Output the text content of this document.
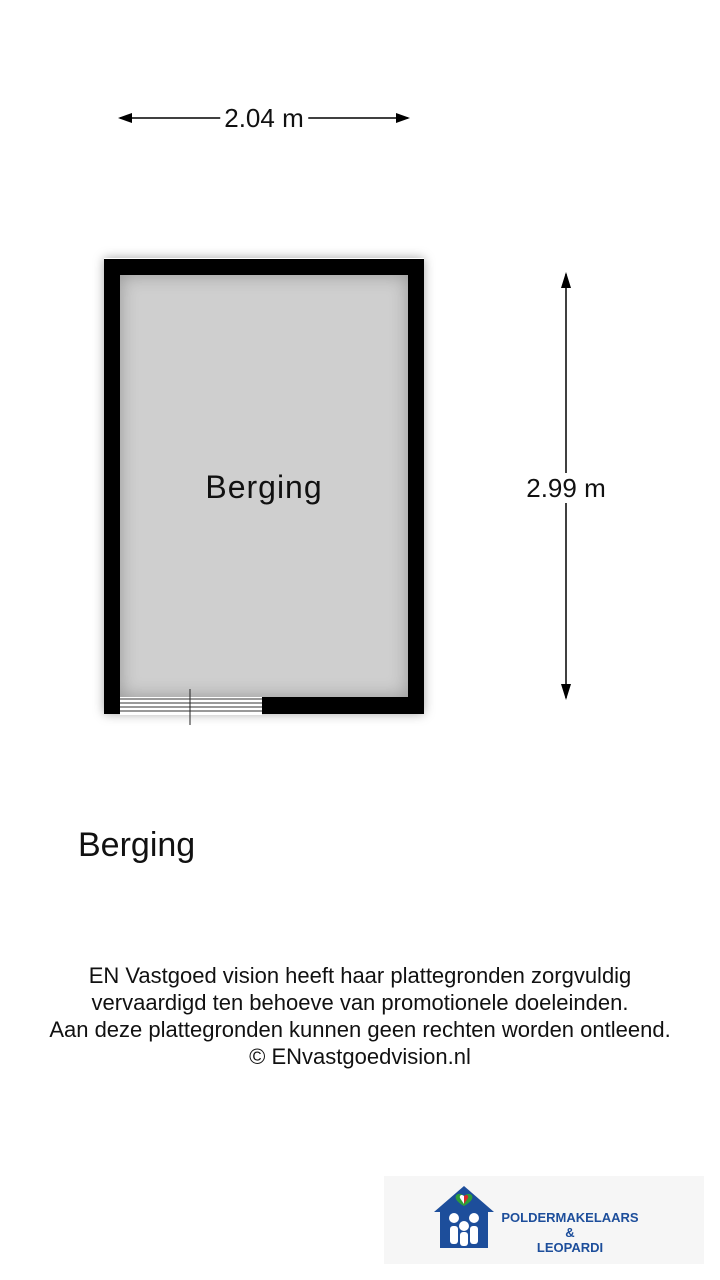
2.04 m
2.99 m
Berging
Berging
EN Vastgoed vision heeft haar plattegronden zorgvuldig
vervaardigd ten behoeve van promotionele doeleinden.
Aan deze plattegronden kunnen geen rechten worden ontleend.
© ENvastgoedvision.nl
POLDERMAKELAARS
&
LEOPARDI
